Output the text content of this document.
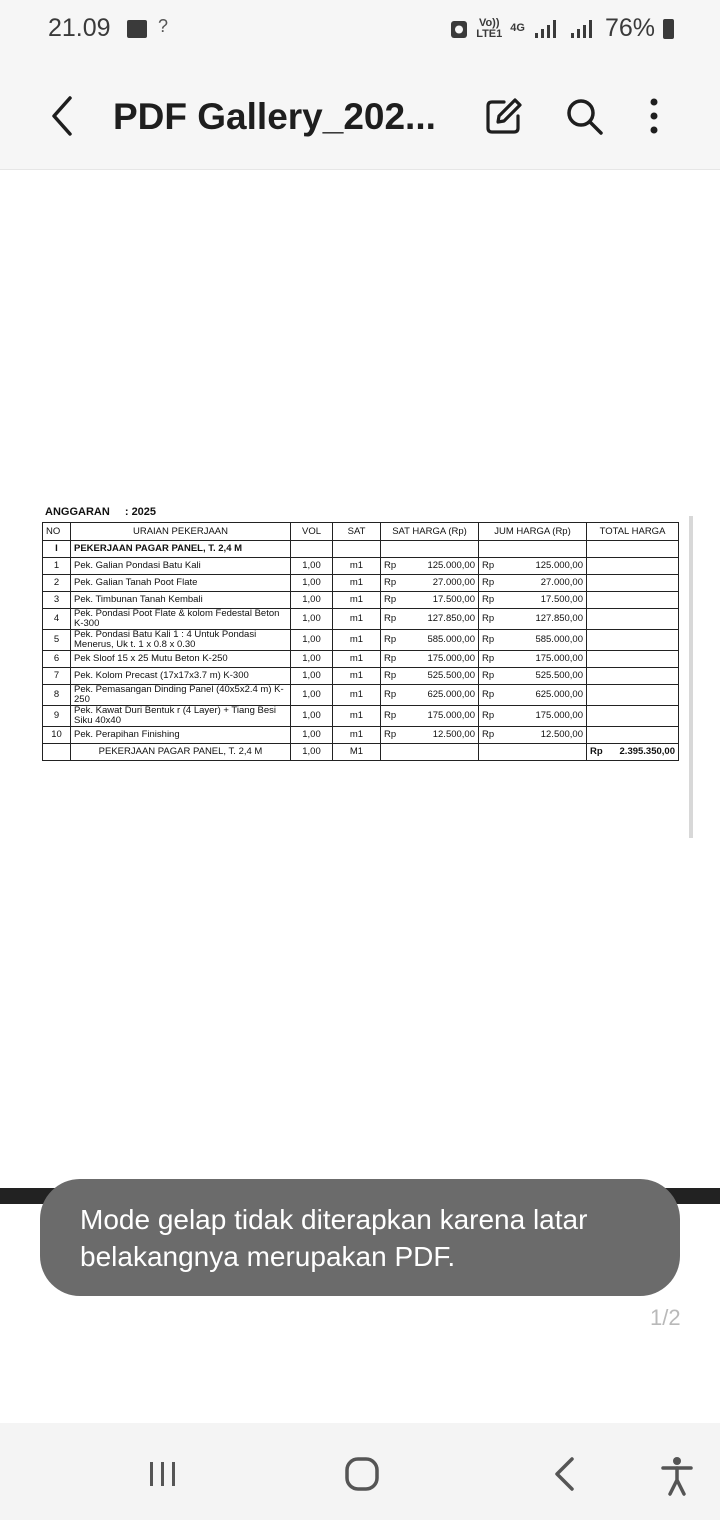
21.09	?	Vo))
LTE1 4G	76%
PDF Gallery_202...
ANGGARAN : 2025
NO	URAIAN PEKERJAAN	VOL	SAT	SAT HARGA (Rp)	JUM HARGA (Rp)	TOTAL HARGA
I	PEKERJAAN PAGAR PANEL, T. 2,4 M					
1	Pek. Galian Pondasi Batu Kali	1,00	m1	Rp 125.000,00	Rp 125.000,00	

2	Pek. Galian Tanah Poot Flate	1,00	m1	Rp 27.000,00	Rp 27.000,00	

3	Pek. Timbunan Tanah Kembali	1,00	m1	Rp 17.500,00	Rp 17.500,00	

4	Pek. Pondasi Poot Flate & kolom Fedestal Beton K-300	1,00	m1	Rp 127.850,00	Rp 127.850,00	

5	Pek. Pondasi Batu Kali 1 : 4 Untuk Pondasi Menerus, Uk t. 1 x 0.8 x 0.30	1,00	m1	Rp 585.000,00	Rp 585.000,00	

6	Pek Sloof 15 x 25 Mutu Beton K-250	1,00	m1	Rp 175.000,00	Rp 175.000,00	

7	Pek. Kolom Precast (17x17x3.7 m) K-300	1,00	m1	Rp 525.500,00	Rp 525.500,00	

8	Pek. Pemasangan Dinding Panel (40x5x2.4 m) K-250	1,00	m1	Rp 625.000,00	Rp 625.000,00	

9	Pek. Kawat Duri Bentuk r (4 Layer) + Tiang Besi Siku 40x40	1,00	m1	Rp 175.000,00	Rp 175.000,00	

10	Pek. Perapihan Finishing	1,00	m1	Rp 12.500,00	Rp 12.500,00	

	PEKERJAAN PAGAR PANEL, T. 2,4 M	1,00	M1			Rp 2.395.350,00
1/2
Mode gelap tidak diterapkan karena latar belakangnya merupakan PDF.
